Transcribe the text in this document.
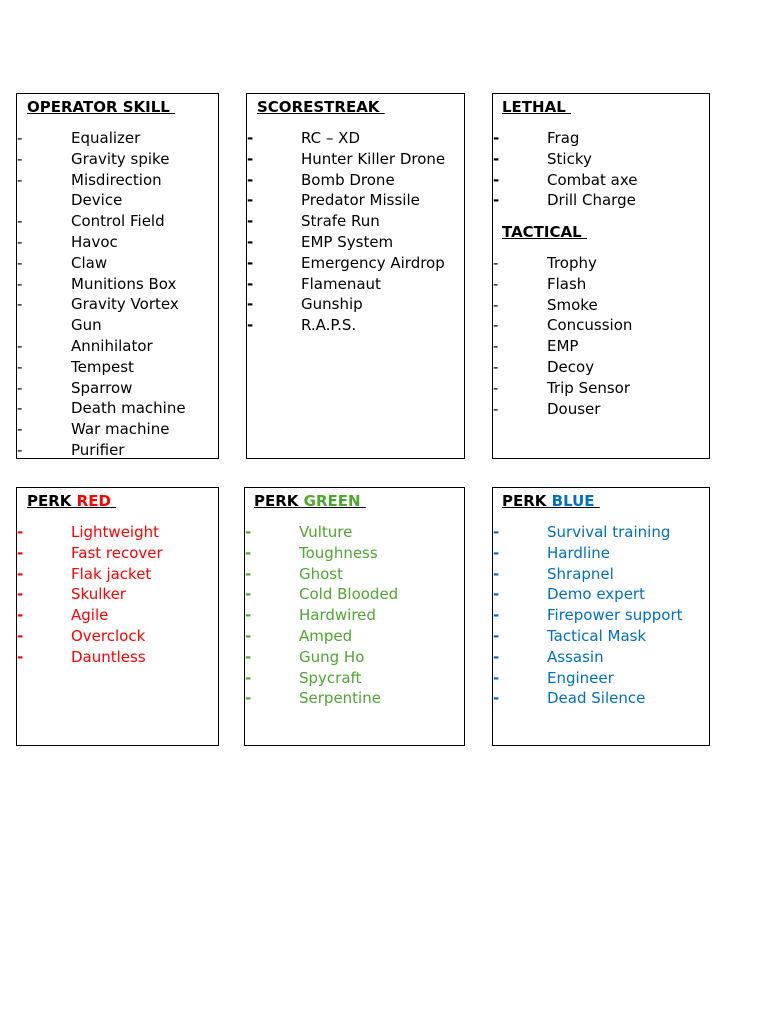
OPERATOR SKILL
-	Equalizer
-	Gravity spike
-	Misdirection Device
-	Control Field
-	Havoc
-	Claw
-	Munitions Box
-	Gravity Vortex Gun
-	Annihilator
-	Tempest
-	Sparrow
-	Death machine
-	War machine
-	Purifier
SCORESTREAK
-	RC – XD
-	Hunter Killer Drone
-	Bomb Drone
-	Predator Missile
-	Strafe Run
-	EMP System
-	Emergency Airdrop
-	Flamenaut
-	Gunship
-	R.A.P.S.
LETHAL
-	Frag
-	Sticky
-	Combat axe
-	Drill Charge
TACTICAL
-	Trophy
-	Flash
-	Smoke
-	Concussion
-	EMP
-	Decoy
-	Trip Sensor
-	Douser
PERK RED
-	Lightweight
-	Fast recover
-	Flak jacket
-	Skulker
-	Agile
-	Overclock
-	Dauntless
PERK GREEN
-	Vulture
-	Toughness
-	Ghost
-	Cold Blooded
-	Hardwired
-	Amped
-	Gung Ho
-	Spycraft
-	Serpentine
PERK BLUE
-	Survival training
-	Hardline
-	Shrapnel
-	Demo expert
-	Firepower support
-	Tactical Mask
-	Assasin
-	Engineer
-	Dead Silence
